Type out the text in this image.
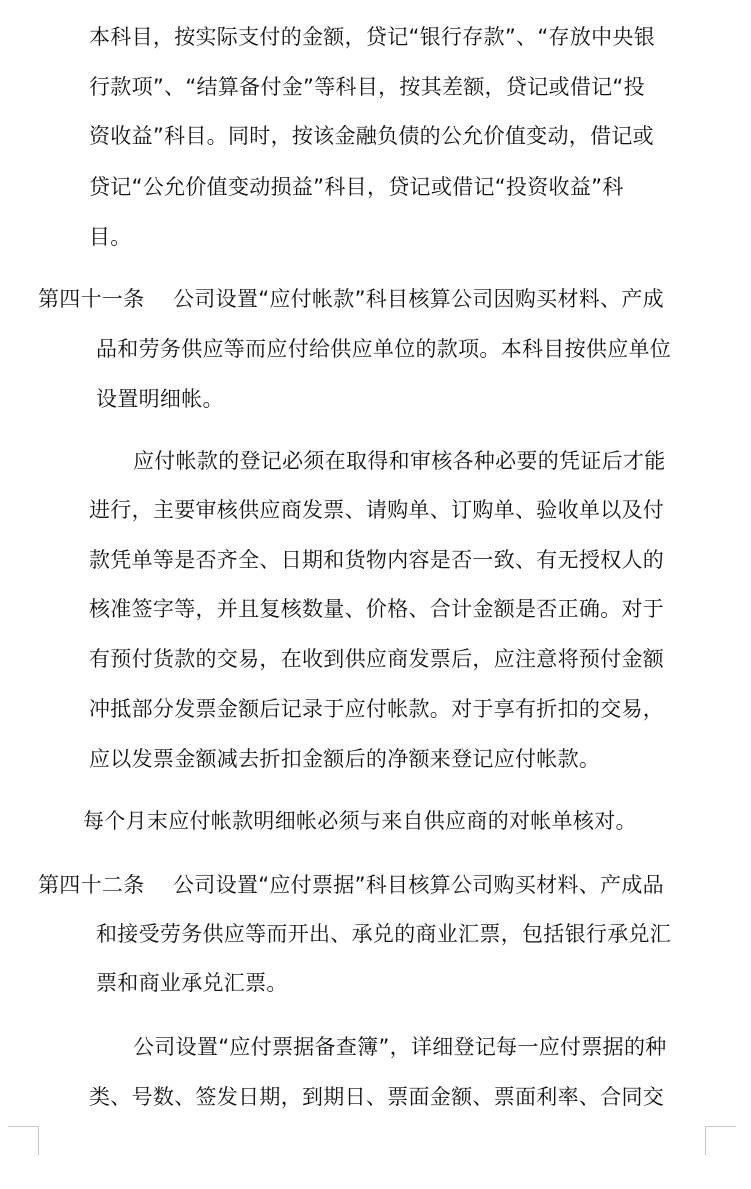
本科目，按实际支付的金额，贷记“银行存款”、“存放中央银
行款项”、“结算备付金”等科目，按其差额，贷记或借记“投
资收益”科目。同时，按该金融负债的公允价值变动，借记或
贷记“公允价值变动损益”科目，贷记或借记“投资收益”科
目。
第四十一条 公司设置“应付帐款”科目核算公司因购买材料、产成
品和劳务供应等而应付给供应单位的款项。本科目按供应单位
设置明细帐。
应付帐款的登记必须在取得和审核各种必要的凭证后才能
进行，主要审核供应商发票、请购单、订购单、验收单以及付
款凭单等是否齐全、日期和货物内容是否一致、有无授权人的
核准签字等，并且复核数量、价格、合计金额是否正确。对于
有预付货款的交易，在收到供应商发票后，应注意将预付金额
冲抵部分发票金额后记录于应付帐款。对于享有折扣的交易，
应以发票金额减去折扣金额后的净额来登记应付帐款。
每个月末应付帐款明细帐必须与来自供应商的对帐单核对。
第四十二条 公司设置“应付票据”科目核算公司购买材料、产成品
和接受劳务供应等而开出、承兑的商业汇票，包括银行承兑汇
票和商业承兑汇票。
公司设置“应付票据备查簿”，详细登记每一应付票据的种
类、号数、签发日期，到期日、票面金额、票面利率、合同交
